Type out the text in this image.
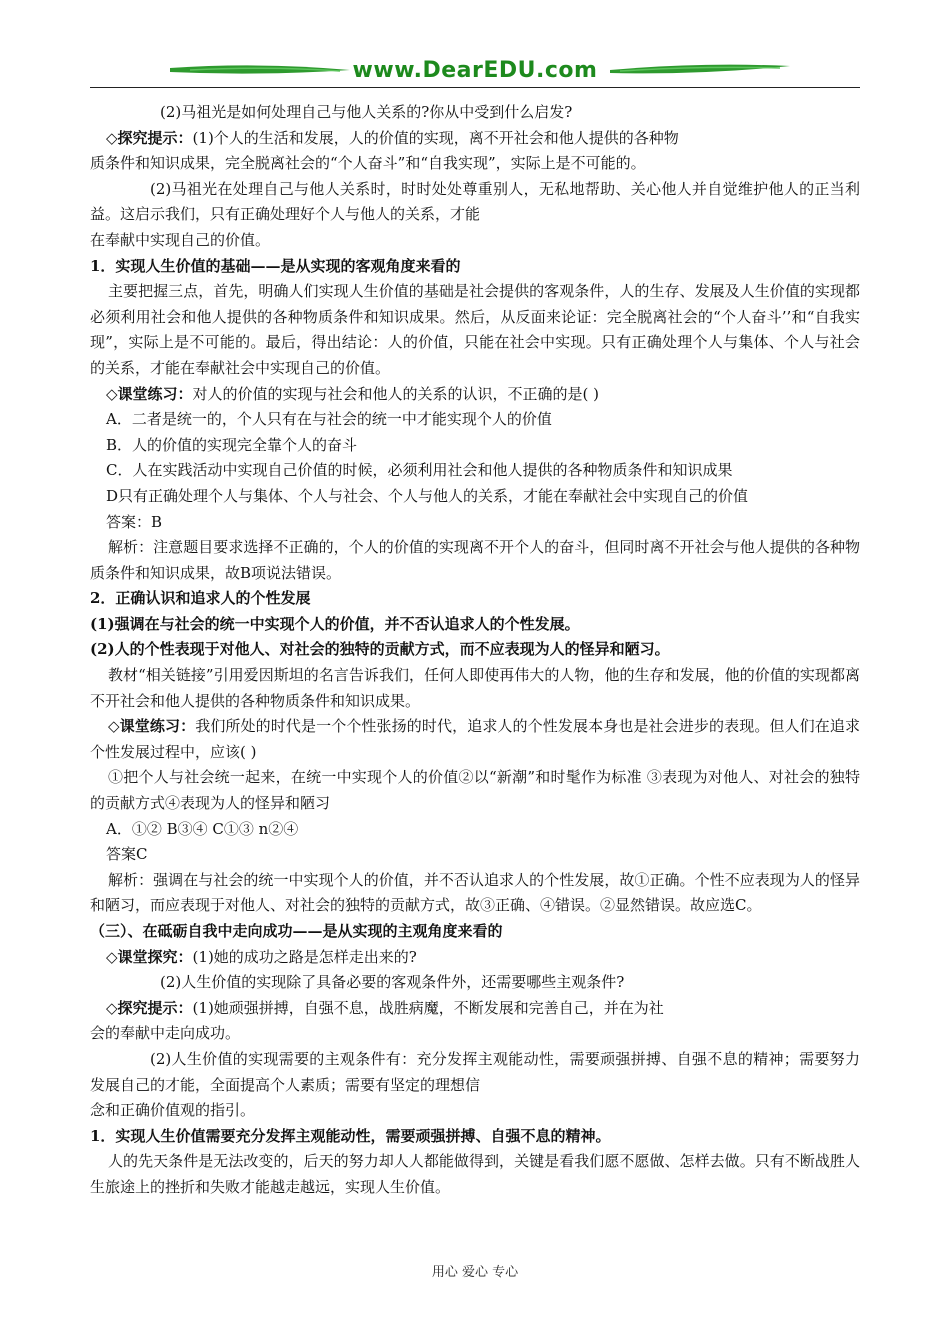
www.DearEDU.com

(2)马祖光是如何处理自己与他人关系的?你从中受到什么启发?

◇探究提示：(1)个人的生活和发展，人的价值的实现，离不开社会和他人提供的各种物

质条件和知识成果，完全脱离社会的“个人奋斗”和“自我实现”，实际上是不可能的。

(2)马祖光在处理自己与他人关系时，时时处处尊重别人，无私地帮助、关心他人并自觉维护他人的正当利益。这启示我们，只有正确处理好个人与他人的关系，才能

在奉献中实现自己的价值。

1．实现人生价值的基础——是从实现的客观角度来看的

主要把握三点，首先，明确人们实现人生价值的基础是社会提供的客观条件，人的生存、发展及人生价值的实现都必须利用社会和他人提供的各种物质条件和知识成果。然后，从反面来论证：完全脱离社会的“个人奋斗’’和“自我实现”，实际上是不可能的。最后，得出结论：人的价值，只能在社会中实现。只有正确处理个人与集体、个人与社会的关系，才能在奉献社会中实现自己的价值。

◇课堂练习：对人的价值的实现与社会和他人的关系的认识，不正确的是( )

A．二者是统一的，个人只有在与社会的统一中才能实现个人的价值

B．人的价值的实现完全靠个人的奋斗

C．人在实践活动中实现自己价值的时候，必须利用社会和他人提供的各种物质条件和知识成果

D只有正确处理个人与集体、个人与社会、个人与他人的关系，才能在奉献社会中实现自己的价值

答案：B

解析：注意题目要求选择不正确的，个人的价值的实现离不开个人的奋斗，但同时离不开社会与他人提供的各种物质条件和知识成果，故B项说法错误。

2．正确认识和追求人的个性发展

(1)强调在与社会的统一中实现个人的价值，并不否认追求人的个性发展。

(2)人的个性表现于对他人、对社会的独特的贡献方式，而不应表现为人的怪异和陋习。

教材“相关链接”引用爱因斯坦的名言告诉我们，任何人即使再伟大的人物，他的生存和发展，他的价值的实现都离不开社会和他人提供的各种物质条件和知识成果。

◇课堂练习：我们所处的时代是一个个性张扬的时代，追求人的个性发展本身也是社会进步的表现。但人们在追求个性发展过程中，应该( )

①把个人与社会统一起来，在统一中实现个人的价值②以“新潮”和时髦作为标准 ③表现为对他人、对社会的独特的贡献方式④表现为人的怪异和陋习

A．①② B③④ C①③ n②④

答案C

解析：强调在与社会的统一中实现个人的价值，并不否认追求人的个性发展，故①正确。个性不应表现为人的怪异和陋习，而应表现于对他人、对社会的独特的贡献方式，故③正确、④错误。②显然错误。故应选C。

（三）、在砥砺自我中走向成功——是从实现的主观角度来看的

◇课堂探究：(1)她的成功之路是怎样走出来的?

(2)人生价值的实现除了具备必要的客观条件外，还需要哪些主观条件?

◇探究提示：(1)她顽强拼搏，自强不息，战胜病魔，不断发展和完善自己，并在为社

会的奉献中走向成功。

(2)人生价值的实现需要的主观条件有：充分发挥主观能动性，需要顽强拼搏、自强不息的精神；需要努力发展自己的才能，全面提高个人素质；需要有坚定的理想信

念和正确价值观的指引。

1．实现人生价值需要充分发挥主观能动性，需要顽强拼搏、自强不息的精神。

人的先天条件是无法改变的，后天的努力却人人都能做得到，关键是看我们愿不愿做、怎样去做。只有不断战胜人生旅途上的挫折和失败才能越走越远，实现人生价值。

用心 爱心 专心
